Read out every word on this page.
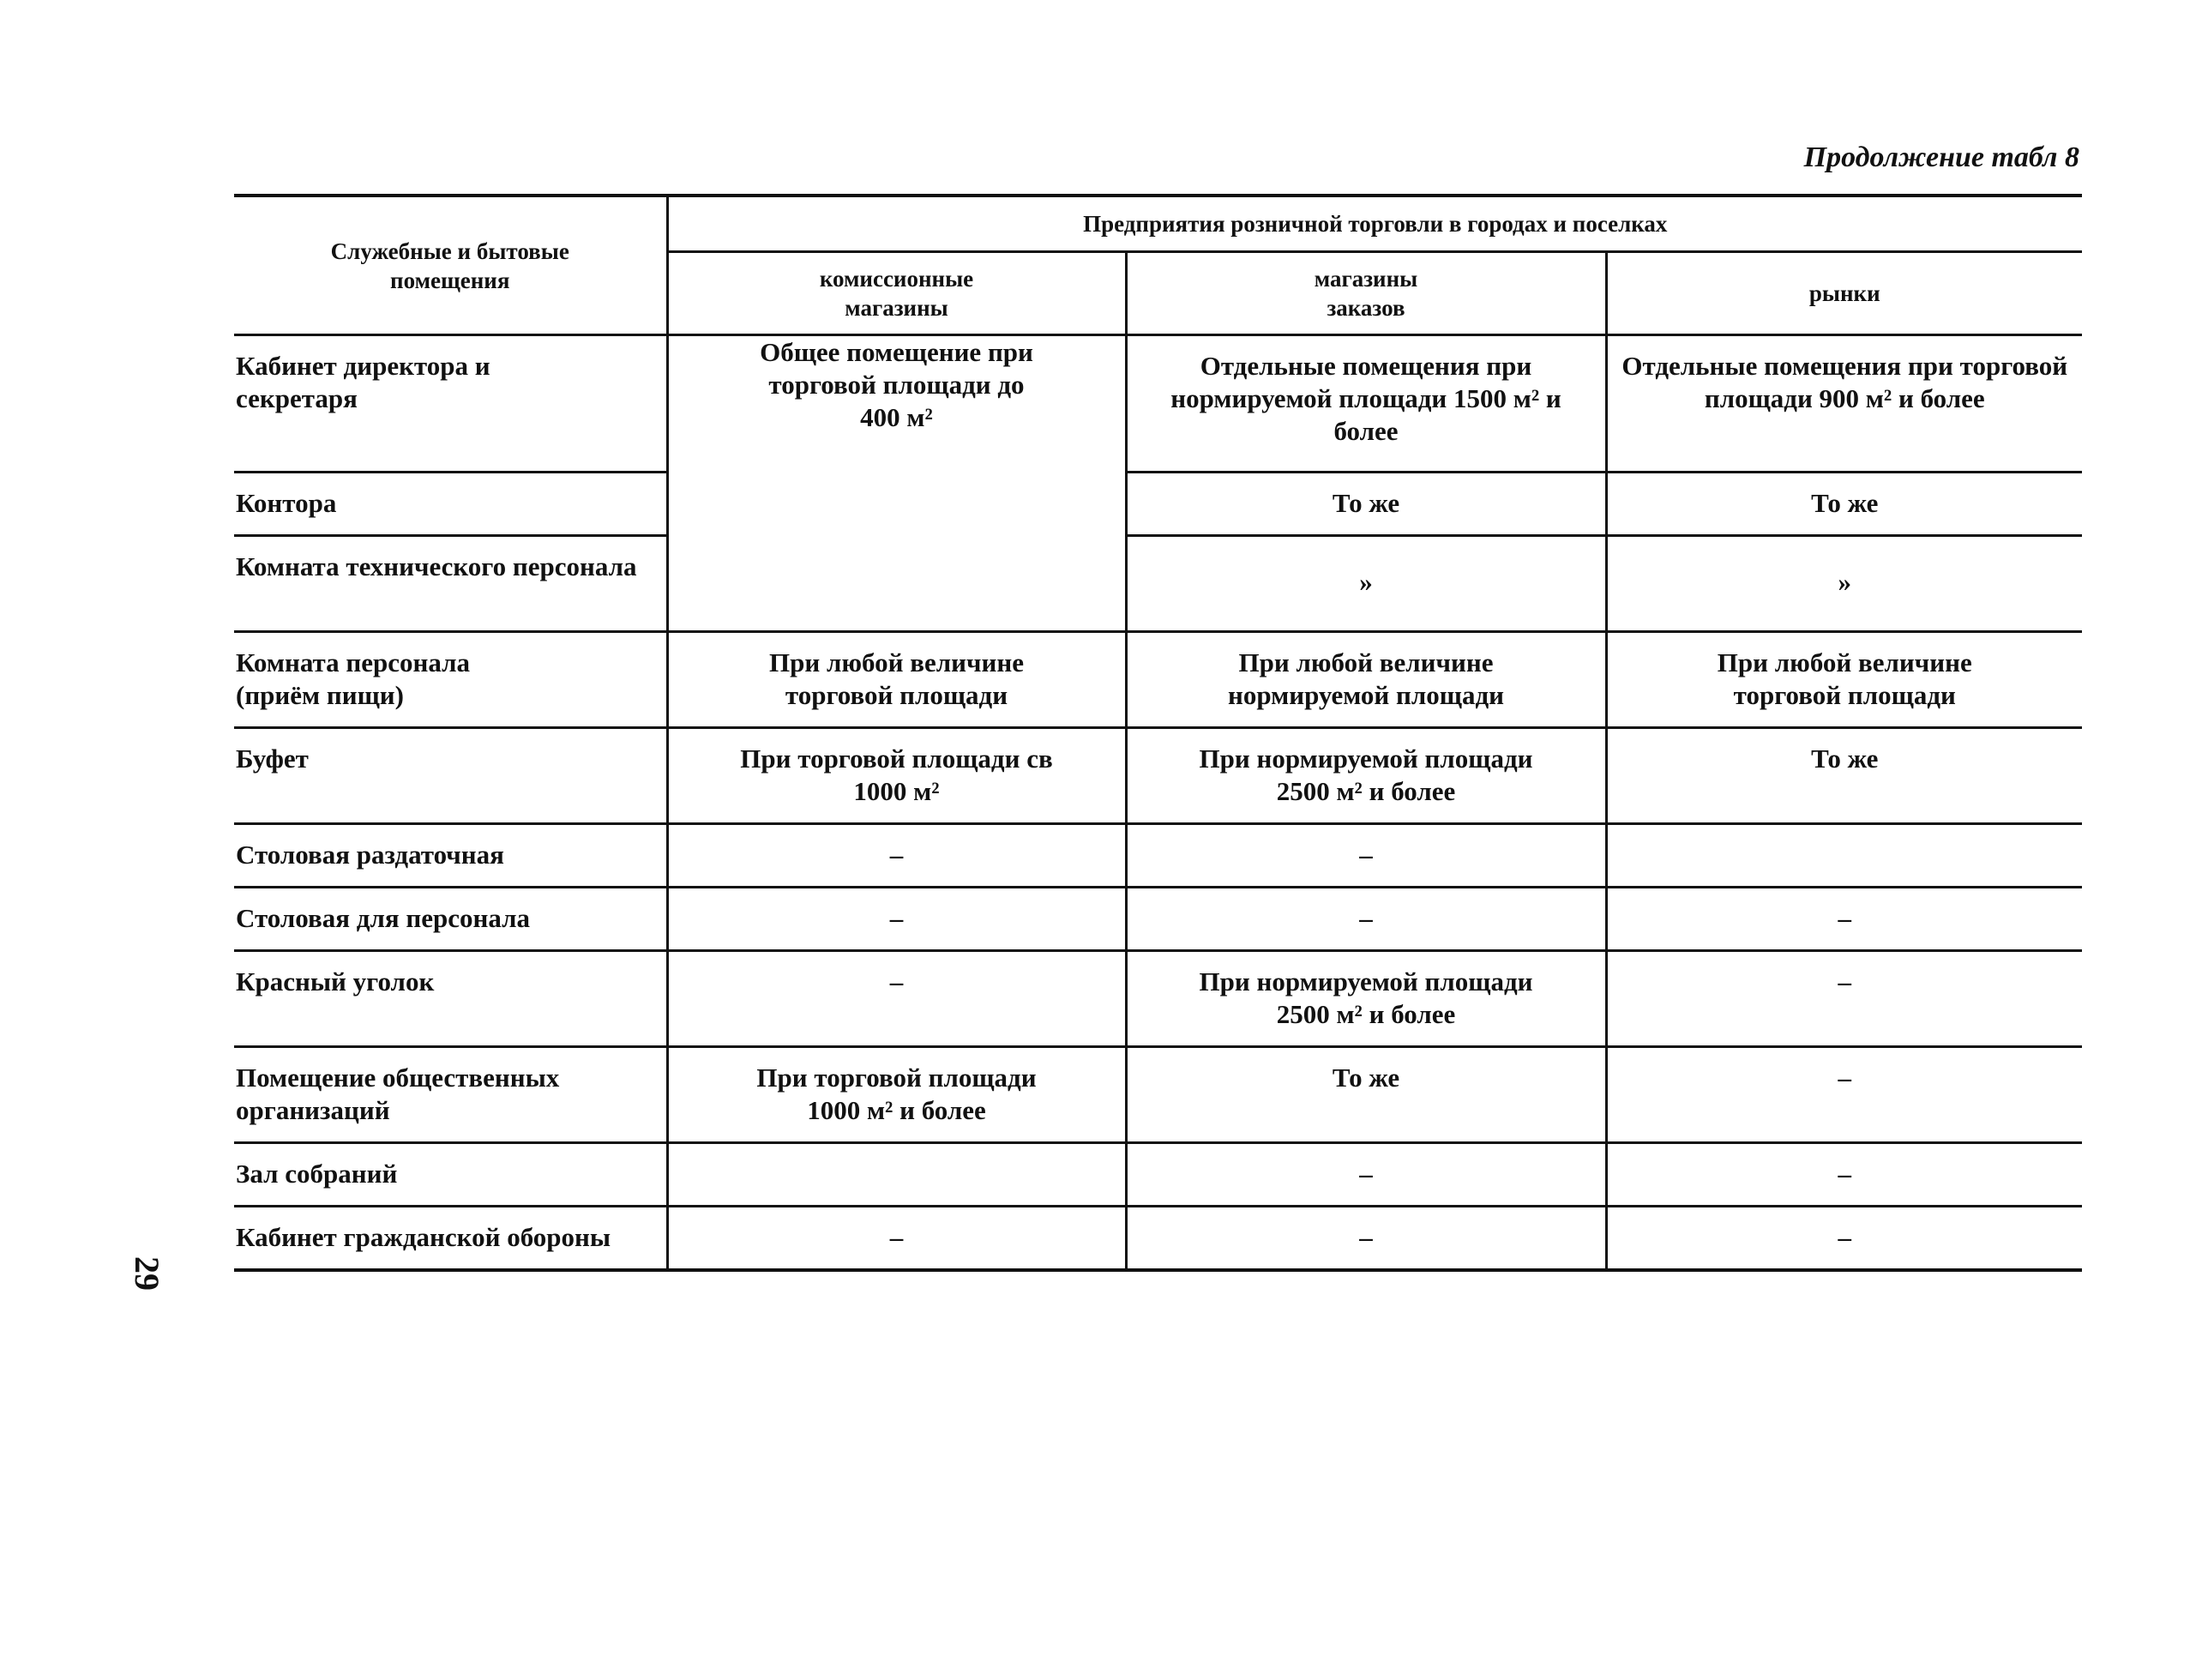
Продолжение табл 8
29
Служебные и бытовые помещения	Предприятия розничной торговли в городах и поселках		
	комиссионные магазины	магазины заказов	рынки
Кабинет директора и секретаря	Общее помещение при торговой площади до 400 м²	Отдельные помещения при нормируемой площади 1500 м² и более	Отдельные помещения при торговой площади 900 м² и более
Контора		То же	То же
Комната технического персонала		»	»
Комната персонала (приём пищи)	При любой величине торговой площади	При любой величине нормируемой площади	При любой величине торговой площади
Буфет	При торговой площади св 1000 м²	При нормируемой площади 2500 м² и более	То же
Столовая раздаточная	–	–	
Столовая для персонала	–	–	–
Красный уголок	–	При нормируемой площади 2500 м² и более	–
Помещение общественных организаций	При торговой площади 1000 м² и более	То же	–
Зал собраний		–	–
Кабинет гражданской обороны	–	–	–
